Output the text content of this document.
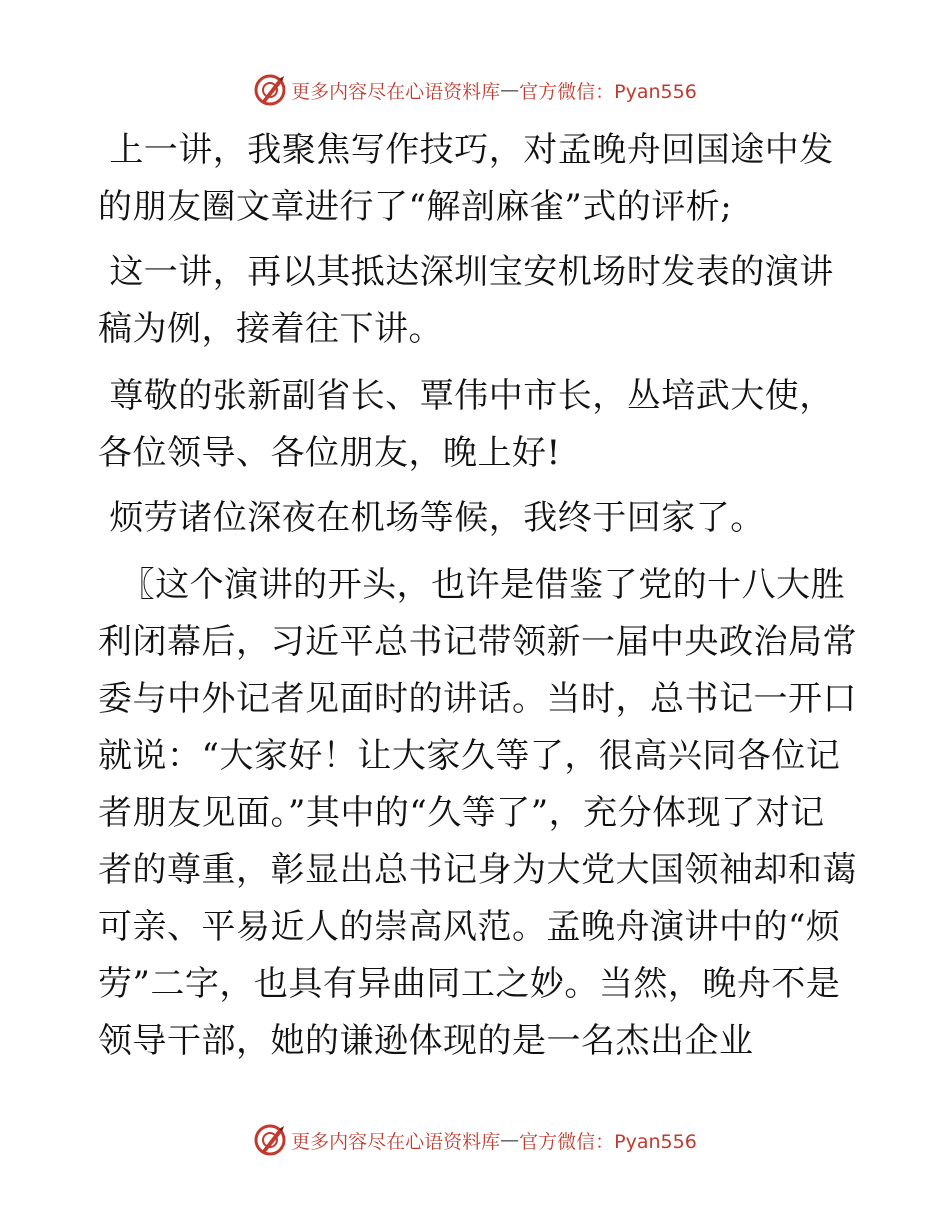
更多内容尽在心语资料库 — 官方微信：Pyan556

上一讲，我聚焦写作技巧，对孟晚舟回国途中发的朋友圈文章进行了“解剖麻雀”式的评析;

这一讲，再以其抵达深圳宝安机场时发表的演讲稿为例，接着往下讲。

尊敬的张新副省长、覃伟中市长，丛培武大使，各位领导、各位朋友，晚上好!

烦劳诸位深夜在机场等候，我终于回家了。

〖这个演讲的开头，也许是借鉴了党的十八大胜利闭幕后，习近平总书记带领新一届中央政治局常委与中外记者见面时的讲话。当时，总书记一开口就说：“大家好！让大家久等了，很高兴同各位记者朋友见面。”其中的“久等了”，充分体现了对记者的尊重，彰显出总书记身为大党大国领袖却和蔼可亲、平易近人的崇高风范。孟晚舟演讲中的“烦劳”二字，也具有异曲同工之妙。当然，晚舟不是领导干部，她的谦逊体现的是一名杰出企业

更多内容尽在心语资料库 — 官方微信：Pyan556
